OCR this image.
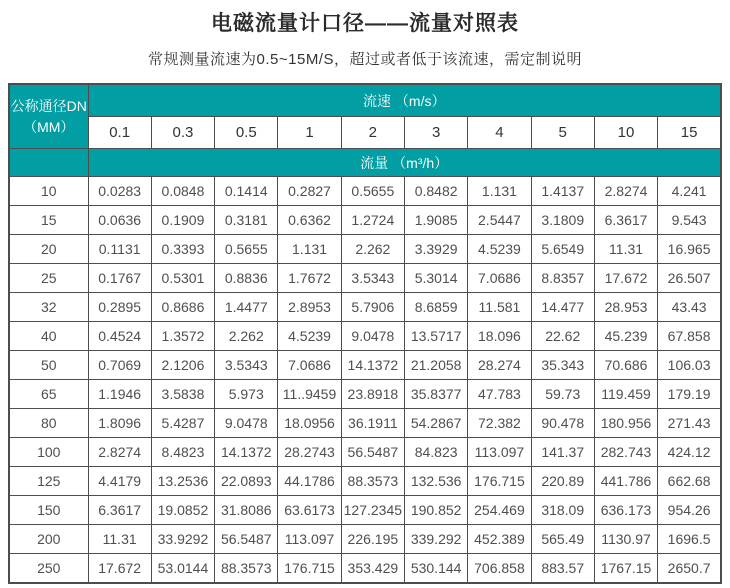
电磁流量计口径——流量对照表
常规测量流速为0.5~15M/S，超过或者低于该流速，需定制说明
公称通径DN
（MM）	流速 （m/s）									
	0.1	0.3	0.5	1	2	3	4	5	10	15
	流量 （m³/h）									
10	0.0283	0.0848	0.1414	0.2827	0.5655	0.8482	1.131	1.4137	2.8274	4.241
15	0.0636	0.1909	0.3181	0.6362	1.2724	1.9085	2.5447	3.1809	6.3617	9.543
20	0.1131	0.3393	0.5655	1.131	2.262	3.3929	4.5239	5.6549	11.31	16.965
25	0.1767	0.5301	0.8836	1.7672	3.5343	5.3014	7.0686	8.8357	17.672	26.507
32	0.2895	0.8686	1.4477	2.8953	5.7906	8.6859	11.581	14.477	28.953	43.43
40	0.4524	1.3572	2.262	4.5239	9.0478	13.5717	18.096	22.62	45.239	67.858
50	0.7069	2.1206	3.5343	7.0686	14.1372	21.2058	28.274	35.343	70.686	106.03
65	1.1946	3.5838	5.973	11..9459	23.8918	35.8377	47.783	59.73	119.459	179.19
80	1.8096	5.4287	9.0478	18.0956	36.1911	54.2867	72.382	90.478	180.956	271.43
100	2.8274	8.4823	14.1372	28.2743	56.5487	84.823	113.097	141.37	282.743	424.12
125	4.4179	13.2536	22.0893	44.1786	88.3573	132.536	176.715	220.89	441.786	662.68
150	6.3617	19.0852	31.8086	63.6173	127.2345	190.852	254.469	318.09	636.173	954.26
200	11.31	33.9292	56.5487	113.097	226.195	339.292	452.389	565.49	1130.97	1696.5
250	17.672	53.0144	88.3573	176.715	353.429	530.144	706.858	883.57	1767.15	2650.7
